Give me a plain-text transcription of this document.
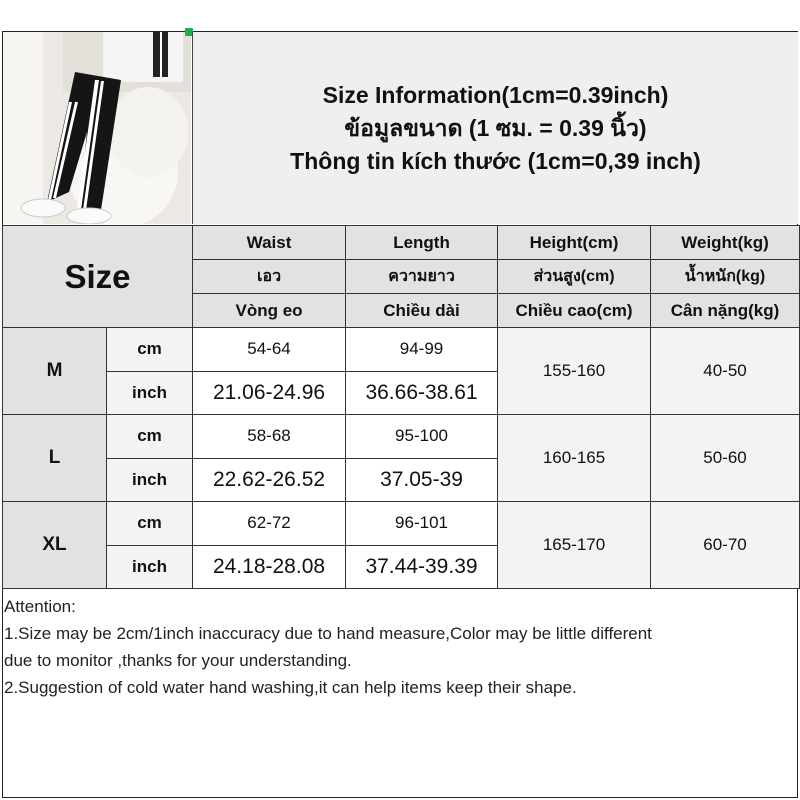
Size Information(1cm=0.39inch)
ข้อมูลขนาด (1 ซม. = 0.39 นิ้ว)
Thông tin kích thước (1cm=0,39 inch)
Size		Waist	Length	Height(cm)	Weight(kg)
		เอว	ความยาว	ส่วนสูง(cm)	น้ำหนัก(kg)
		Vòng eo	Chiều dài	Chiều cao(cm)	Cân nặng(kg)
M	cm	54-64	94-99	155-160	40-50
	inch	21.06-24.96	36.66-38.61		
L	cm	58-68	95-100	160-165	50-60
	inch	22.62-26.52	37.05-39		
XL	cm	62-72	96-101	165-170	60-70
	inch	24.18-28.08	37.44-39.39		
Attention:
1.Size may be 2cm/1inch inaccuracy due to hand measure,Color may be little different
due to monitor ,thanks for your understanding.
2.Suggestion of cold water hand washing,it can help items keep their shape.
